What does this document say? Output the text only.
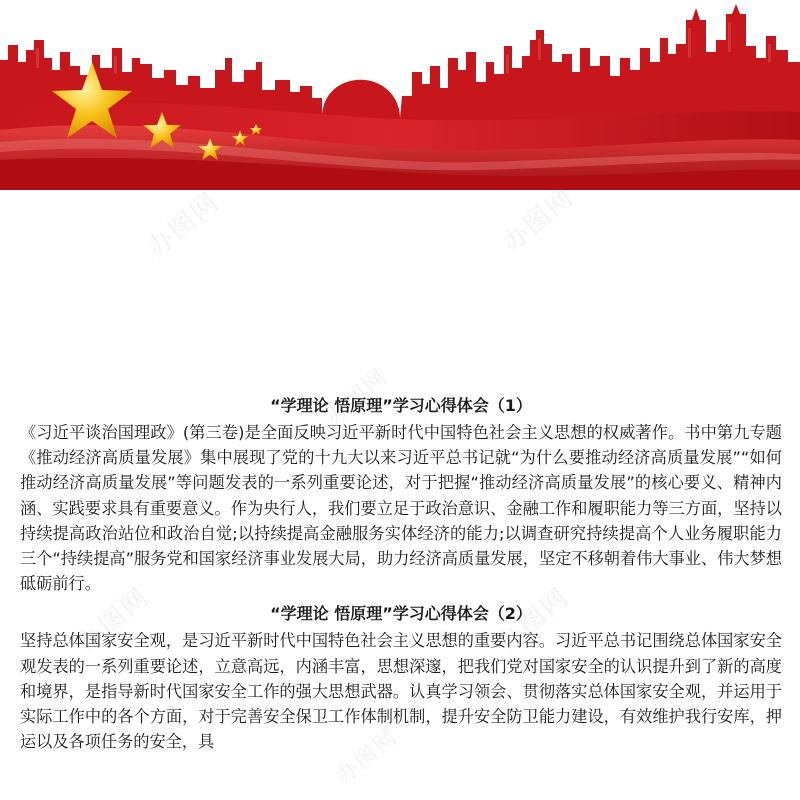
办图网	办图网
办图网
办图网	办图网
办图网
“学理论 悟原理”学习心得体会（1）

《习近平谈治国理政》(第三卷)是全面反映习近平新时代中国特色社会主义思想的权威著作。书中第九专题《推动经济高质量发展》集中展现了党的十九大以来习近平总书记就“为什么要推动经济高质量发展”“如何推动经济高质量发展”等问题发表的一系列重要论述，对于把握“推动经济高质量发展”的核心要义、精神内涵、实践要求具有重要意义。作为央行人，我们要立足于政治意识、金融工作和履职能力等三方面，坚持以持续提高政治站位和政治自觉;以持续提高金融服务实体经济的能力;以调查研究持续提高个人业务履职能力三个“持续提高”服务党和国家经济事业发展大局，助力经济高质量发展，坚定不移朝着伟大事业、伟大梦想砥砺前行。

“学理论 悟原理”学习心得体会（2）

坚持总体国家安全观，是习近平新时代中国特色社会主义思想的重要内容。习近平总书记围绕总体国家安全观发表的一系列重要论述，立意高远，内涵丰富，思想深邃，把我们党对国家安全的认识提升到了新的高度和境界，是指导新时代国家安全工作的强大思想武器。认真学习领会、贯彻落实总体国家安全观，并运用于实际工作中的各个方面，对于完善安全保卫工作体制机制，提升安全防卫能力建设，有效维护我行安库，押运以及各项任务的安全，具
